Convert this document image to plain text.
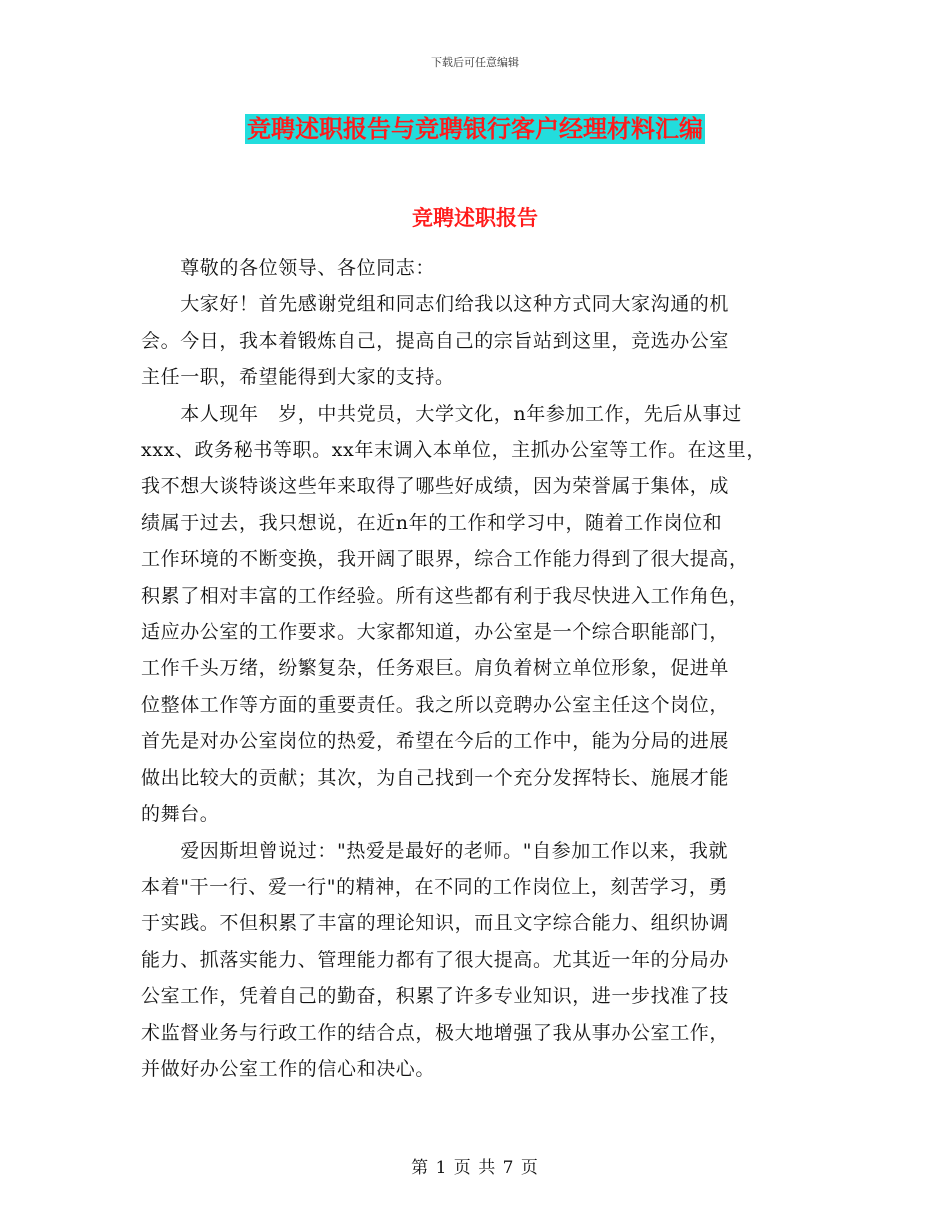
下载后可任意编辑
竞聘述职报告与竞聘银行客户经理材料汇编
竞聘述职报告
　　尊敬的各位领导、各位同志：
　　大家好！首先感谢党组和同志们给我以这种方式同大家沟通的机
会。今日，我本着锻炼自己，提高自己的宗旨站到这里，竞选办公室
主任一职，希望能得到大家的支持。
　　本人现年　岁，中共党员，大学文化，n年参加工作，先后从事过
xxx、政务秘书等职。xx年末调入本单位，主抓办公室等工作。在这里，
我不想大谈特谈这些年来取得了哪些好成绩，因为荣誉属于集体，成
绩属于过去，我只想说，在近n年的工作和学习中，随着工作岗位和
工作环境的不断变换，我开阔了眼界，综合工作能力得到了很大提高，
积累了相对丰富的工作经验。所有这些都有利于我尽快进入工作角色，
适应办公室的工作要求。大家都知道，办公室是一个综合职能部门，
工作千头万绪，纷繁复杂，任务艰巨。肩负着树立单位形象，促进单
位整体工作等方面的重要责任。我之所以竞聘办公室主任这个岗位，
首先是对办公室岗位的热爱，希望在今后的工作中，能为分局的进展
做出比较大的贡献；其次，为自己找到一个充分发挥特长、施展才能
的舞台。
　　爱因斯坦曾说过："热爱是最好的老师。"自参加工作以来，我就
本着"干一行、爱一行"的精神，在不同的工作岗位上，刻苦学习，勇
于实践。不但积累了丰富的理论知识，而且文字综合能力、组织协调
能力、抓落实能力、管理能力都有了很大提高。尤其近一年的分局办
公室工作，凭着自己的勤奋，积累了许多专业知识，进一步找准了技
术监督业务与行政工作的结合点，极大地增强了我从事办公室工作，
并做好办公室工作的信心和决心。
第 1 页 共 7 页
